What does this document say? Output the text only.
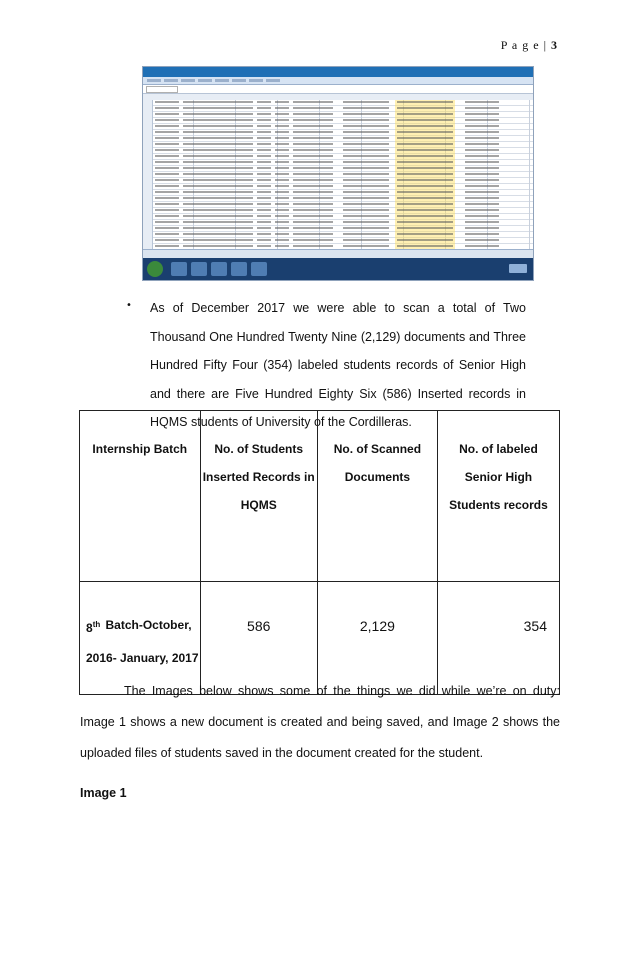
P a g e | 3
• As of December 2017 we were able to scan a total of Two Thousand One Hundred Twenty Nine (2,129) documents and Three Hundred Fifty Four (354) labeled students records of Senior High and there are Five Hundred Eighty Six (586) Inserted records in HQMS students of University of the Cordilleras.
Internship Batch	No. of Students Inserted Records in HQMS	No. of Scanned Documents	No. of labeled Senior High Students records

8th Batch-October,
2016- January, 2017	586	2,129	354
The Images below shows some of the things we did while we’re on duty: Image 1 shows a new document is created and being saved, and Image 2 shows the uploaded files of students saved in the document created for the student.
Image 1
